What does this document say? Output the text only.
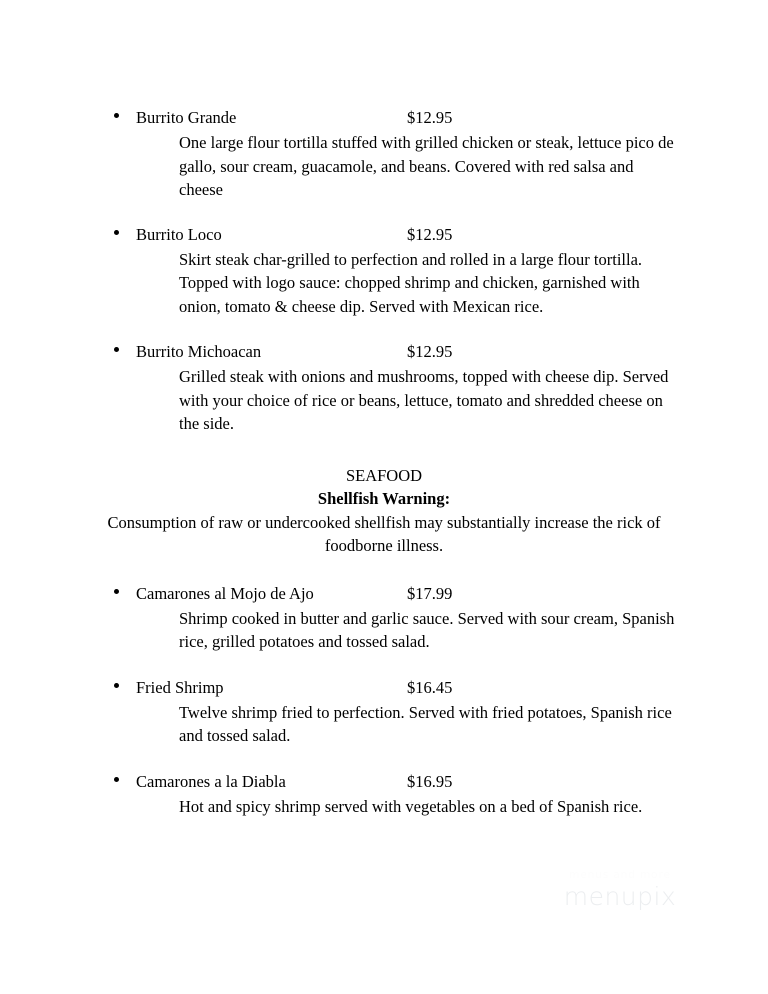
Burrito Grande	$12.95
One large flour tortilla stuffed with grilled chicken or steak, lettuce pico de gallo, sour cream, guacamole, and beans. Covered with red salsa and cheese
Burrito Loco	$12.95
Skirt steak char-grilled to perfection and rolled in a large flour tortilla. Topped with logo sauce: chopped shrimp and chicken, garnished with onion, tomato & cheese dip. Served with Mexican rice.
Burrito Michoacan	$12.95
Grilled steak with onions and mushrooms, topped with cheese dip. Served with your choice of rice or beans, lettuce, tomato and shredded cheese on the side.
SEAFOOD
Shellfish Warning:
Consumption of raw or undercooked shellfish may substantially increase the rick of foodborne illness.
Camarones al Mojo de Ajo	$17.99
Shrimp cooked in butter and garlic sauce. Served with sour cream, Spanish rice, grilled potatoes and tossed salad.
Fried Shrimp	$16.45
Twelve shrimp fried to perfection. Served with fried potatoes, Spanish rice and tossed salad.
Camarones a la Diabla	$16.95
Hot and spicy shrimp served with vegetables on a bed of Spanish rice.
menus and more
menupix
